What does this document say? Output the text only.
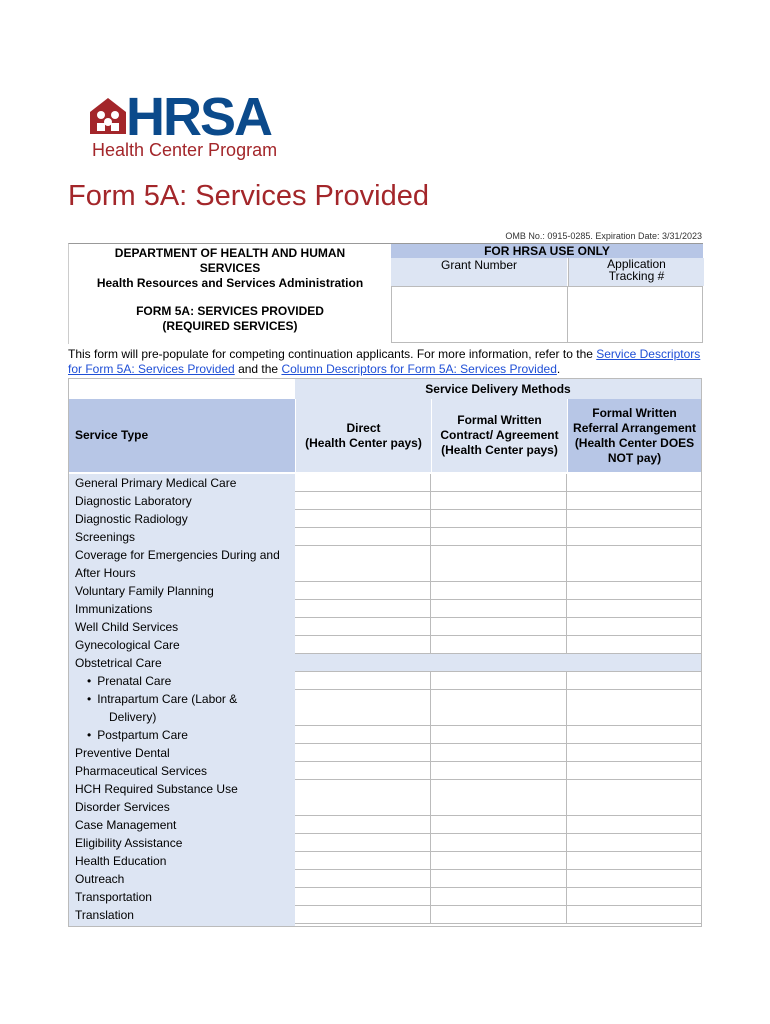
HRSA
Health Center Program
Form 5A: Services Provided
OMB No.: 0915-0285. Expiration Date: 3/31/2023
DEPARTMENT OF HEALTH AND HUMAN
SERVICES
Health Resources and Services Administration
FORM 5A: SERVICES PROVIDED
(REQUIRED SERVICES)
FOR HRSA USE ONLY
Grant Number	Application
Tracking #
This form will pre-populate for competing continuation applicants. For more information, refer to the Service Descriptors for Form 5A: Services Provided and the Column Descriptors for Form 5A: Services Provided.
Service Delivery Methods
Service Type
Direct
(Health Center pays)
Formal Written
Contract/ Agreement
(Health Center pays)
Formal Written
Referral Arrangement
(Health Center DOES
NOT pay)
General Primary Medical Care
Diagnostic Laboratory
Diagnostic Radiology
Screenings
Coverage for Emergencies During and
After Hours
Voluntary Family Planning
Immunizations
Well Child Services
Gynecological Care
Obstetrical Care
• Prenatal Care
• Intrapartum Care (Labor &
Delivery)
• Postpartum Care
Preventive Dental
Pharmaceutical Services
HCH Required Substance Use
Disorder Services
Case Management
Eligibility Assistance
Health Education
Outreach
Transportation
Translation
